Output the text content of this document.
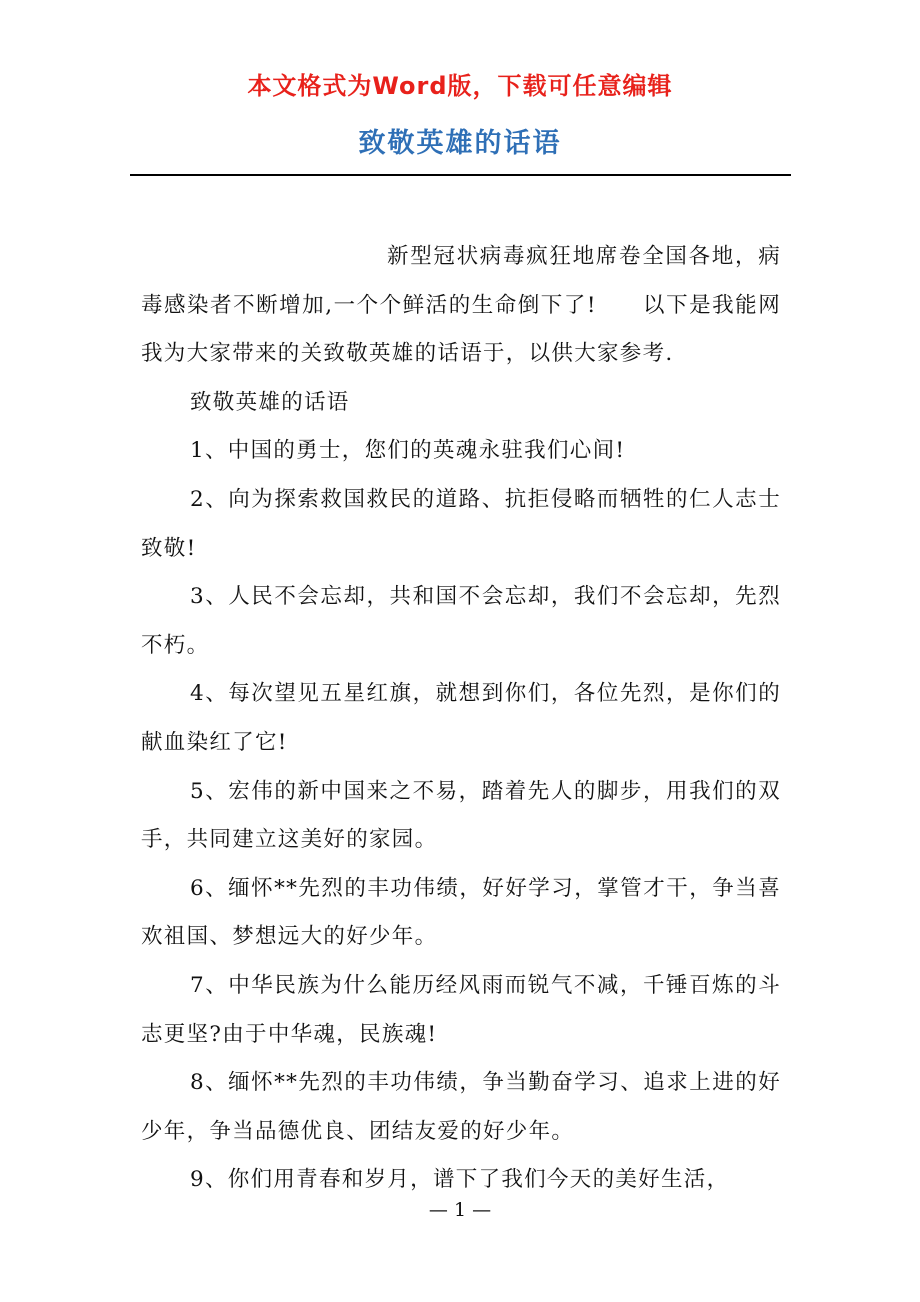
本文格式为Word版，下载可任意编辑
致敬英雄的话语

新型冠状病毒疯狂地席卷全国各地，病毒感染者不断增加,一个个鲜活的生命倒下了!　　以下是我能网我为大家带来的关致敬英雄的话语于，以供大家参考.

致敬英雄的话语

1、中国的勇士，您们的英魂永驻我们心间!

2、向为探索救国救民的道路、抗拒侵略而牺牲的仁人志士致敬!

3、人民不会忘却，共和国不会忘却，我们不会忘却，先烈不朽。

4、每次望见五星红旗，就想到你们，各位先烈，是你们的献血染红了它!

5、宏伟的新中国来之不易，踏着先人的脚步，用我们的双手，共同建立这美好的家园。

6、缅怀**先烈的丰功伟绩，好好学习，掌管才干，争当喜欢祖国、梦想远大的好少年。

7、中华民族为什么能历经风雨而锐气不减，千锤百炼的斗志更坚?由于中华魂，民族魂!

8、缅怀**先烈的丰功伟绩，争当勤奋学习、追求上进的好少年，争当品德优良、团结友爱的好少年。

9、你们用青春和岁月，谱下了我们今天的美好生活，

— 1 —
